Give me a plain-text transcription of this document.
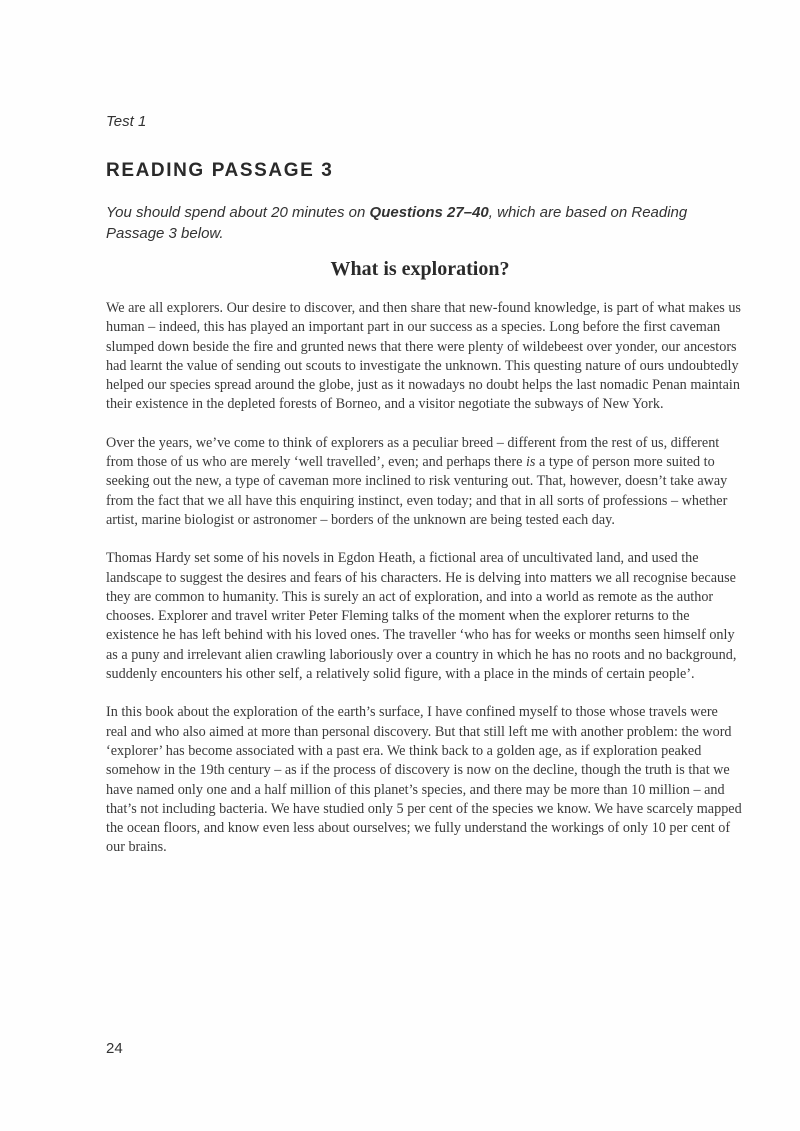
Test 1
READING PASSAGE 3
You should spend about 20 minutes on Questions 27–40, which are based on Reading Passage 3 below.
What is exploration?

We are all explorers. Our desire to discover, and then share that new-found knowledge, is part of what makes us human – indeed, this has played an important part in our success as a species. Long before the first caveman slumped down beside the fire and grunted news that there were plenty of wildebeest over yonder, our ancestors had learnt the value of sending out scouts to investigate the unknown. This questing nature of ours undoubtedly helped our species spread around the globe, just as it nowadays no doubt helps the last nomadic Penan maintain their existence in the depleted forests of Borneo, and a visitor negotiate the subways of New York.

Over the years, we’ve come to think of explorers as a peculiar breed – different from the rest of us, different from those of us who are merely ‘well travelled’, even; and perhaps there is a type of person more suited to seeking out the new, a type of caveman more inclined to risk venturing out. That, however, doesn’t take away from the fact that we all have this enquiring instinct, even today; and that in all sorts of professions – whether artist, marine biologist or astronomer – borders of the unknown are being tested each day.

Thomas Hardy set some of his novels in Egdon Heath, a fictional area of uncultivated land, and used the landscape to suggest the desires and fears of his characters. He is delving into matters we all recognise because they are common to humanity. This is surely an act of exploration, and into a world as remote as the author chooses. Explorer and travel writer Peter Fleming talks of the moment when the explorer returns to the existence he has left behind with his loved ones. The traveller ‘who has for weeks or months seen himself only as a puny and irrelevant alien crawling laboriously over a country in which he has no roots and no background, suddenly encounters his other self, a relatively solid figure, with a place in the minds of certain people’.

In this book about the exploration of the earth’s surface, I have confined myself to those whose travels were real and who also aimed at more than personal discovery. But that still left me with another problem: the word ‘explorer’ has become associated with a past era. We think back to a golden age, as if exploration peaked somehow in the 19th century – as if the process of discovery is now on the decline, though the truth is that we have named only one and a half million of this planet’s species, and there may be more than 10 million – and that’s not including bacteria. We have studied only 5 per cent of the species we know. We have scarcely mapped the ocean floors, and know even less about ourselves; we fully understand the workings of only 10 per cent of our brains.

24
